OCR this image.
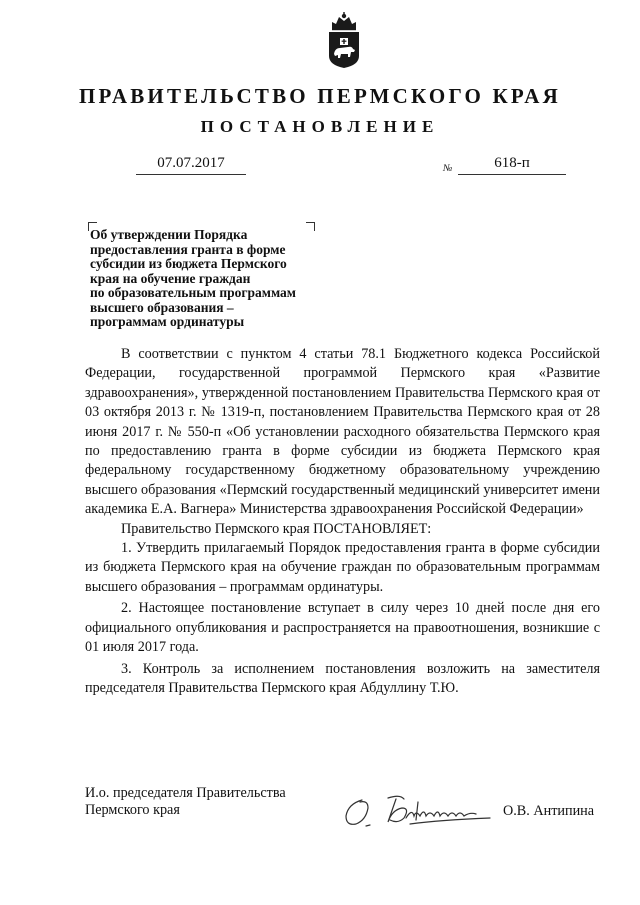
ПРАВИТЕЛЬСТВО ПЕРМСКОГО КРАЯ
ПОСТАНОВЛЕНИЕ
07.07.2017	№	618-п
Об утверждении Порядка
предоставления гранта в форме
субсидии из бюджета Пермского
края на обучение граждан
по образовательным программам
высшего образования –
программам ординатуры

В соответствии с пунктом 4 статьи 78.1 Бюджетного кодекса Российской Федерации, государственной программой Пермского края «Развитие здравоохранения», утвержденной постановлением Правительства Пермского края от 03 октября 2013 г. № 1319-п, постановлением Правительства Пермского края от 28 июня 2017 г. № 550-п «Об установлении расходного обязательства Пермского края по предоставлению гранта в форме субсидии из бюджета Пермского края федеральному государственному бюджетному образовательному учреждению высшего образования «Пермский государственный медицинский университет имени академика Е.А. Вагнера» Министерства здравоохранения Российской Федерации»

Правительство Пермского края ПОСТАНОВЛЯЕТ:

1. Утвердить прилагаемый Порядок предоставления гранта в форме субсидии из бюджета Пермского края на обучение граждан по образовательным программам высшего образования – программам ординатуры.

2. Настоящее постановление вступает в силу через 10 дней после дня его официального опубликования и распространяется на правоотношения, возникшие с 01 июля 2017 года.

3. Контроль за исполнением постановления возложить на заместителя председателя Правительства Пермского края Абдуллину Т.Ю.

И.о. председателя Правительства
Пермского края	О.В. Антипина
